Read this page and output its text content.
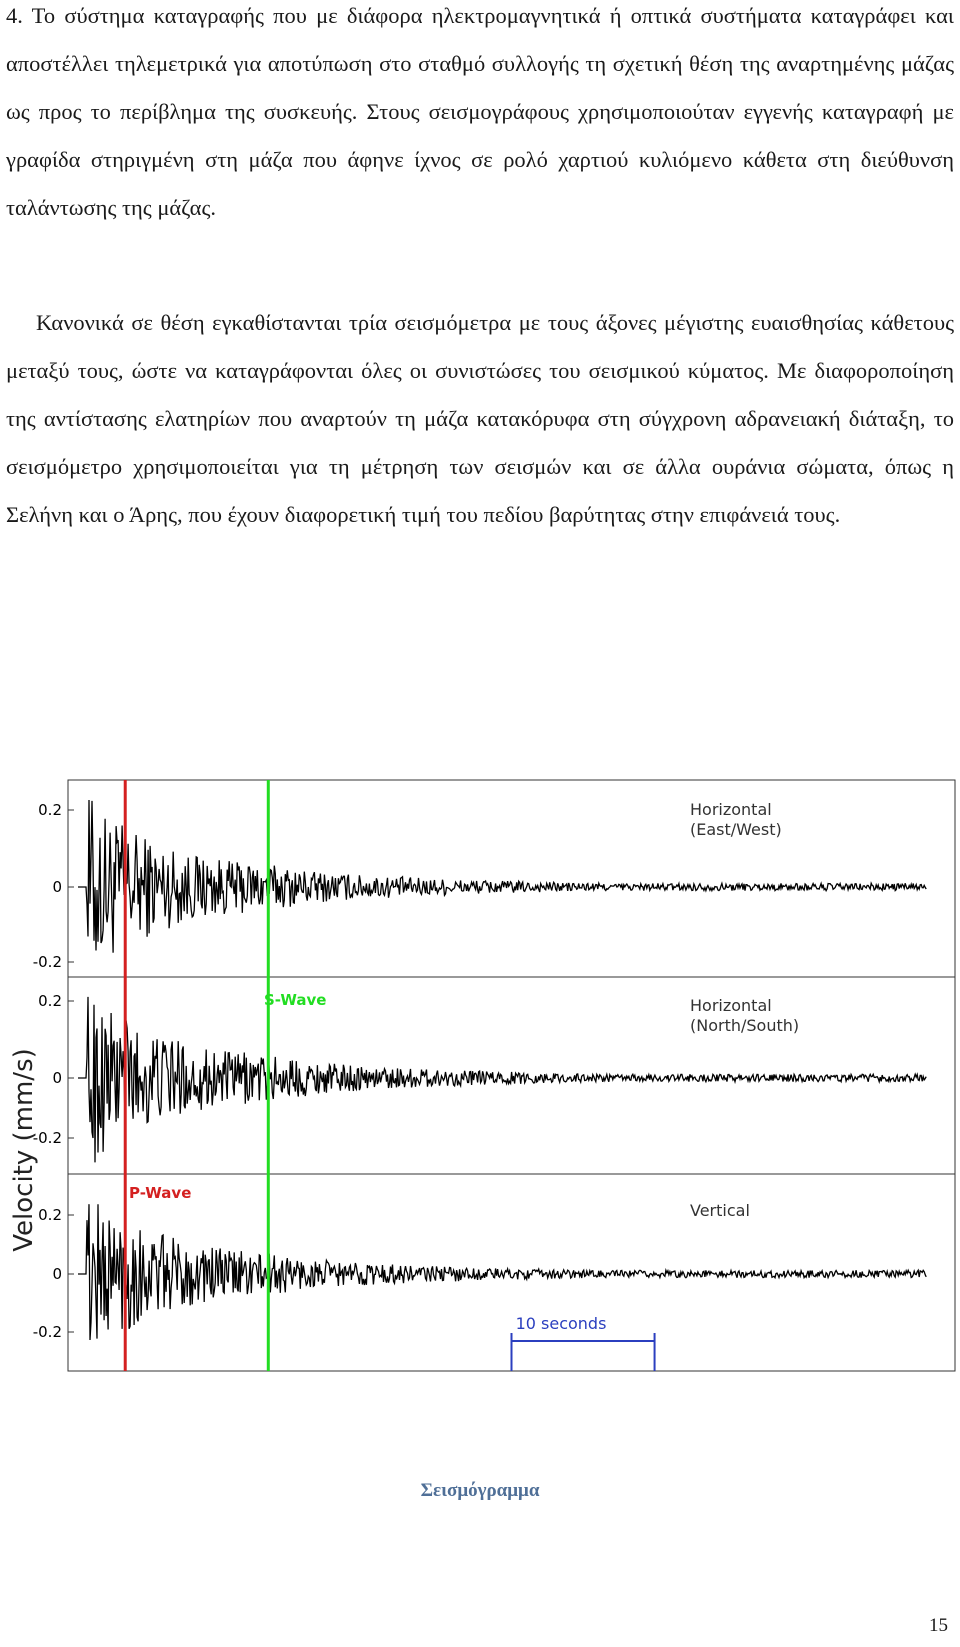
4. Το σύστημα καταγραφής που με διάφορα ηλεκτρομαγνητικά ή οπτικά συστήματα καταγράφει και αποστέλλει τηλεμετρικά για αποτύπωση στο σταθμό συλλογής τη σχετική θέση της αναρτημένης μάζας ως προς το περίβλημα της συσκευής. Στους σεισμογράφους χρησιμοποιούταν εγγενής καταγραφή με γραφίδα στηριγμένη στη μάζα που άφηνε ίχνος σε ρολό χαρτιού κυλιόμενο κάθετα στη διεύθυνση ταλάντωσης της μάζας.

Κανονικά σε θέση εγκαθίστανται τρία σεισμόμετρα με τους άξονες μέγιστης ευαισθησίας κάθετους μεταξύ τους, ώστε να καταγράφονται όλες οι συνιστώσες του σεισμικού κύματος. Με διαφοροποίηση της αντίστασης ελατηρίων που αναρτούν τη μάζα κατακόρυφα στη σύγχρονη αδρανειακή διάταξη, το σεισμόμετρο χρησιμοποιείται για τη μέτρηση των σεισμών και σε άλλα ουράνια σώματα, όπως η Σελήνη και ο Άρης, που έχουν διαφορετική τιμή του πεδίου βαρύτητας στην επιφάνειά τους.

Velocity (mm/s)
0.2
0
-0.2
0.2
0
-0.2
0.2
0
-0.2
S-Wave
P-Wave
Horizontal
(East/West)
Horizontal
(North/South)
Vertical
10 seconds
Σεισμόγραμμα
15
